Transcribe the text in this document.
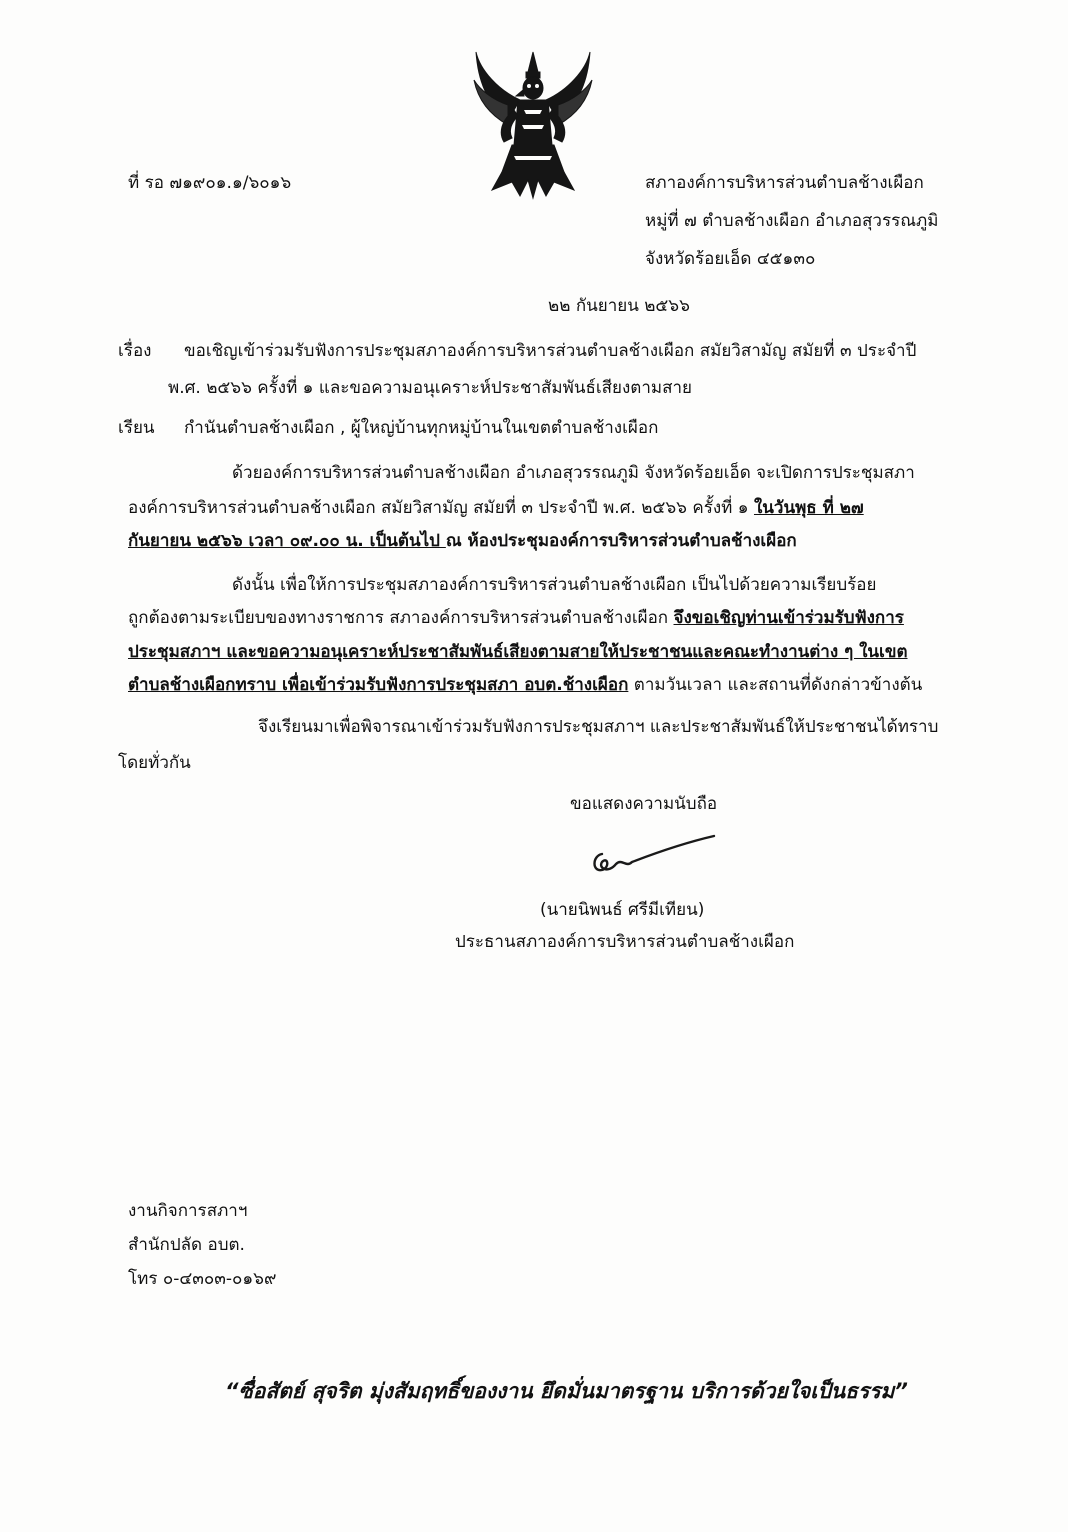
ที่ รอ ๗๑๙๐๑.๑/๖๐๑๖	สภาองค์การบริหารส่วนตำบลช้างเผือก
หมู่ที่ ๗ ตำบลช้างเผือก อำเภอสุวรรณภูมิ
จังหวัดร้อยเอ็ด ๔๕๑๓๐
๒๒ กันยายน ๒๕๖๖
เรื่อง ขอเชิญเข้าร่วมรับฟังการประชุมสภาองค์การบริหารส่วนตำบลช้างเผือก สมัยวิสามัญ สมัยที่ ๓ ประจำปี
พ.ศ. ๒๕๖๖ ครั้งที่ ๑ และขอความอนุเคราะห์ประชาสัมพันธ์เสียงตามสาย
เรียน กำนันตำบลช้างเผือก , ผู้ใหญ่บ้านทุกหมู่บ้านในเขตตำบลช้างเผือก
ด้วยองค์การบริหารส่วนตำบลช้างเผือก อำเภอสุวรรณภูมิ จังหวัดร้อยเอ็ด จะเปิดการประชุมสภา
องค์การบริหารส่วนตำบลช้างเผือก สมัยวิสามัญ สมัยที่ ๓ ประจำปี พ.ศ. ๒๕๖๖ ครั้งที่ ๑ ในวันพุธ ที่ ๒๗
กันยายน ๒๕๖๖ เวลา ๐๙.๐๐ น. เป็นต้นไป ณ ห้องประชุมองค์การบริหารส่วนตำบลช้างเผือก
ดังนั้น เพื่อให้การประชุมสภาองค์การบริหารส่วนตำบลช้างเผือก เป็นไปด้วยความเรียบร้อย
ถูกต้องตามระเบียบของทางราชการ สภาองค์การบริหารส่วนตำบลช้างเผือก จึงขอเชิญท่านเข้าร่วมรับฟังการ
ประชุมสภาฯ และขอความอนุเคราะห์ประชาสัมพันธ์เสียงตามสายให้ประชาชนและคณะทำงานต่าง ๆ ในเขต
ตำบลช้างเผือกทราบ เพื่อเข้าร่วมรับฟังการประชุมสภา อบต.ช้างเผือก ตามวันเวลา และสถานที่ดังกล่าวข้างต้น
จึงเรียนมาเพื่อพิจารณาเข้าร่วมรับฟังการประชุมสภาฯ และประชาสัมพันธ์ให้ประชาชนได้ทราบ
โดยทั่วกัน
ขอแสดงความนับถือ
(นายนิพนธ์ ศรีมีเทียน)
ประธานสภาองค์การบริหารส่วนตำบลช้างเผือก
งานกิจการสภาฯ
สำนักปลัด อบต.
โทร ๐-๔๓๐๓-๐๑๖๙
“ซื่อสัตย์ สุจริต มุ่งสัมฤทธิ์ของงาน ยึดมั่นมาตรฐาน บริการด้วยใจเป็นธรรม”
